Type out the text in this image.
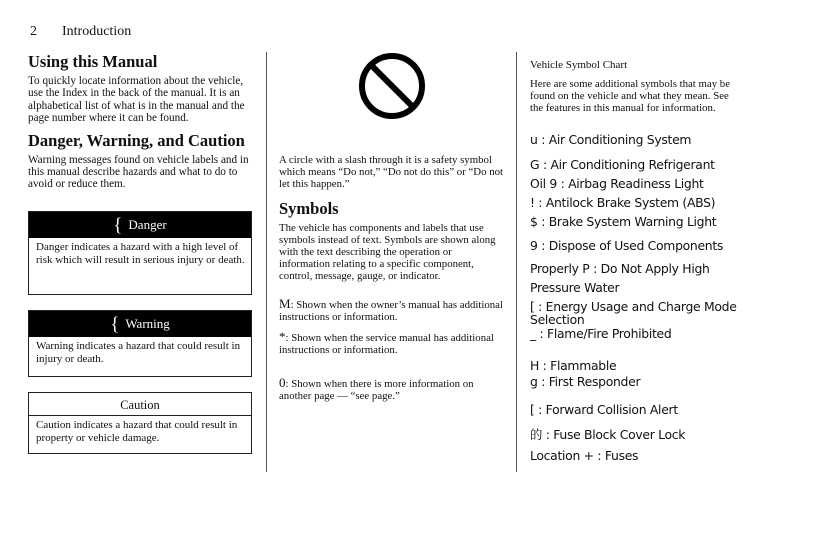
2 Introduction
Using this Manual

To quickly locate information about the vehicle, use the Index in the back of the manual. It is an alphabetical list of what is in the manual and the page number where it can be found.

Danger, Warning, and Caution

Warning messages found on vehicle labels and in this manual describe hazards and what to do to avoid or reduce them.

{ Danger
Danger indicates a hazard with a high level of risk which will result in serious injury or death.
{ Warning
Warning indicates a hazard that could result in injury or death.
Caution
Caution indicates a hazard that could result in property or vehicle damage.

A circle with a slash through it is a safety symbol which means “Do not,” “Do not do this” or “Do not let this happen.”

Symbols

The vehicle has components and labels that use symbols instead of text. Symbols are shown along with the text describing the operation or information relating to a specific component, control, message, gauge, or indicator.

M: Shown when the owner’s manual has additional instructions or information.

*: Shown when the service manual has additional instructions or information.

0: Shown when there is more information on another page — “see page.”

Vehicle Symbol Chart

Here are some additional symbols that may be found on the vehicle and what they mean. See the features in this manual for information.

u : Air Conditioning System
G : Air Conditioning Refrigerant
Oil 9 : Airbag Readiness Light
! : Antilock Brake System (ABS)
$ : Brake System Warning Light
9 : Dispose of Used Components
Properly P : Do Not Apply High
Pressure Water
[ : Energy Usage and Charge Mode
Selection
_ : Flame/Fire Prohibited
H : Flammable
g : First Responder
[ : Forward Collision Alert
的 : Fuse Block Cover Lock
Location + : Fuses
